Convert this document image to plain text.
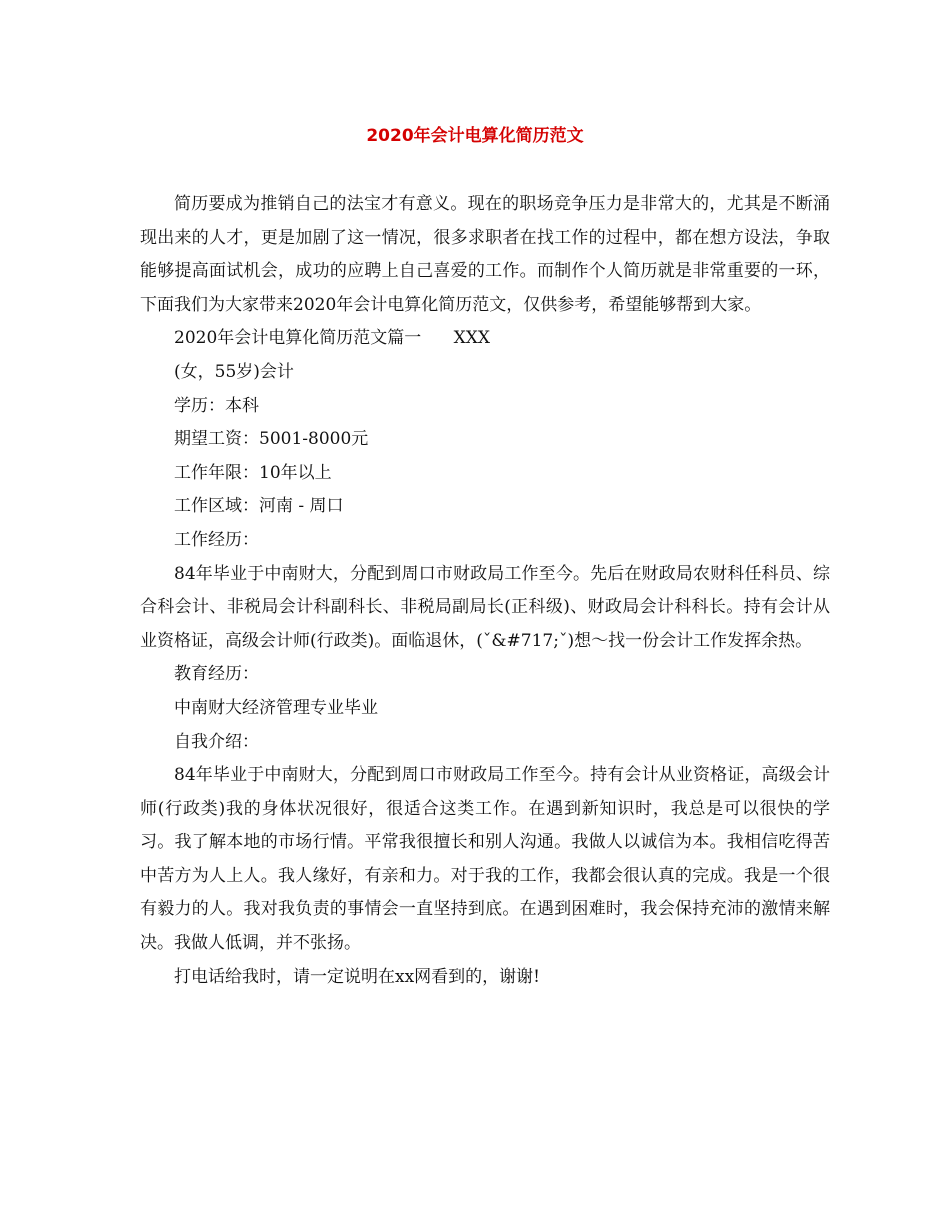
2020年会计电算化简历范文

简历要成为推销自己的法宝才有意义。现在的职场竞争压力是非常大的，尤其是不断涌现出来的人才，更是加剧了这一情况，很多求职者在找工作的过程中，都在想方设法，争取能够提高面试机会，成功的应聘上自己喜爱的工作。而制作个人简历就是非常重要的一环，下面我们为大家带来2020年会计电算化简历范文，仅供参考，希望能够帮到大家。

2020年会计电算化简历范文篇一      XXX

(女，55岁)会计

学历：本科

期望工资：5001-8000元

工作年限：10年以上

工作区域：河南 - 周口

工作经历：

84年毕业于中南财大，分配到周口市财政局工作至今。先后在财政局农财科任科员、综合科会计、非税局会计科副科长、非税局副局长(正科级)、财政局会计科科长。持有会计从业资格证，高级会计师(行政类)。面临退休，(ˇ&#717;ˇ)想～找一份会计工作发挥余热。

教育经历：

中南财大经济管理专业毕业

自我介绍：

84年毕业于中南财大，分配到周口市财政局工作至今。持有会计从业资格证，高级会计师(行政类)我的身体状况很好，很适合这类工作。在遇到新知识时，我总是可以很快的学习。我了解本地的市场行情。平常我很擅长和别人沟通。我做人以诚信为本。我相信吃得苦中苦方为人上人。我人缘好，有亲和力。对于我的工作，我都会很认真的完成。我是一个很有毅力的人。我对我负责的事情会一直坚持到底。在遇到困难时，我会保持充沛的激情来解决。我做人低调，并不张扬。

打电话给我时，请一定说明在xx网看到的，谢谢!
